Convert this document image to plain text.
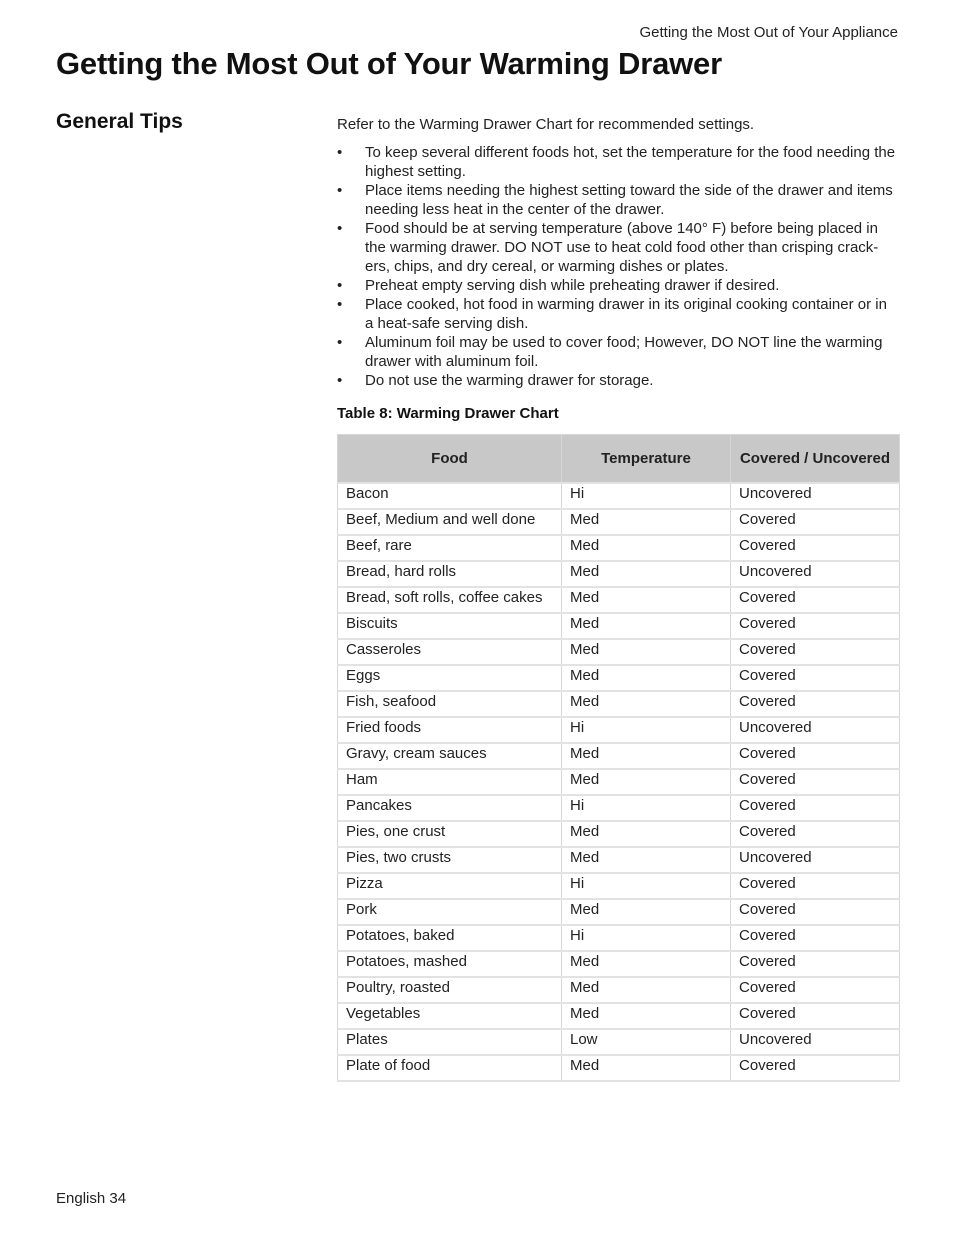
Getting the Most Out of Your Appliance
Getting the Most Out of Your Warming Drawer
General Tips	Refer to the Warming Drawer Chart for recommended settings.

• To keep several different foods hot, set the temperature for the food needing the highest setting.
• Place items needing the highest setting toward the side of the drawer and items needing less heat in the center of the drawer.
• Food should be at serving temperature (above 140° F) before being placed in the warming drawer. DO NOT use to heat cold food other than crisping crack-ers, chips, and dry cereal, or warming dishes or plates.
• Preheat empty serving dish while preheating drawer if desired.
• Place cooked, hot food in warming drawer in its original cooking container or in a heat-safe serving dish.
• Aluminum foil may be used to cover food; However, DO NOT line the warming drawer with aluminum foil.
• Do not use the warming drawer for storage.
Table 8: Warming Drawer Chart
Food	Temperature	Covered / Uncovered
Bacon	Hi	Uncovered
Beef, Medium and well done	Med	Covered
Beef, rare	Med	Covered
Bread, hard rolls	Med	Uncovered
Bread, soft rolls, coffee cakes	Med	Covered
Biscuits	Med	Covered
Casseroles	Med	Covered
Eggs	Med	Covered
Fish, seafood	Med	Covered
Fried foods	Hi	Uncovered
Gravy, cream sauces	Med	Covered
Ham	Med	Covered
Pancakes	Hi	Covered
Pies, one crust	Med	Covered
Pies, two crusts	Med	Uncovered
Pizza	Hi	Covered
Pork	Med	Covered
Potatoes, baked	Hi	Covered
Potatoes, mashed	Med	Covered
Poultry, roasted	Med	Covered
Vegetables	Med	Covered
Plates	Low	Uncovered
Plate of food	Med	Covered
English 34
